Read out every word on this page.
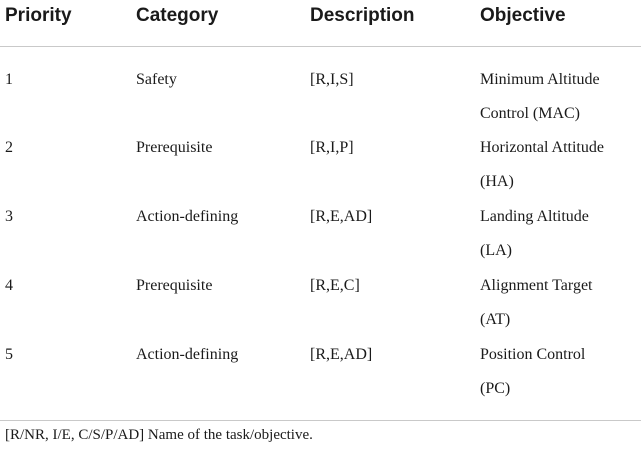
Priority	Category	Description	Objective
1	Safety	[R,I,S]	Minimum Altitude
Control (MAC)
2	Prerequisite	[R,I,P]	Horizontal Attitude
(HA)
3	Action-defining	[R,E,AD]	Landing Altitude
(LA)
4	Prerequisite	[R,E,C]	Alignment Target
(AT)
5	Action-defining	[R,E,AD]	Position Control
(PC)
[R/NR, I/E, C/S/P/AD] Name of the task/objective.
